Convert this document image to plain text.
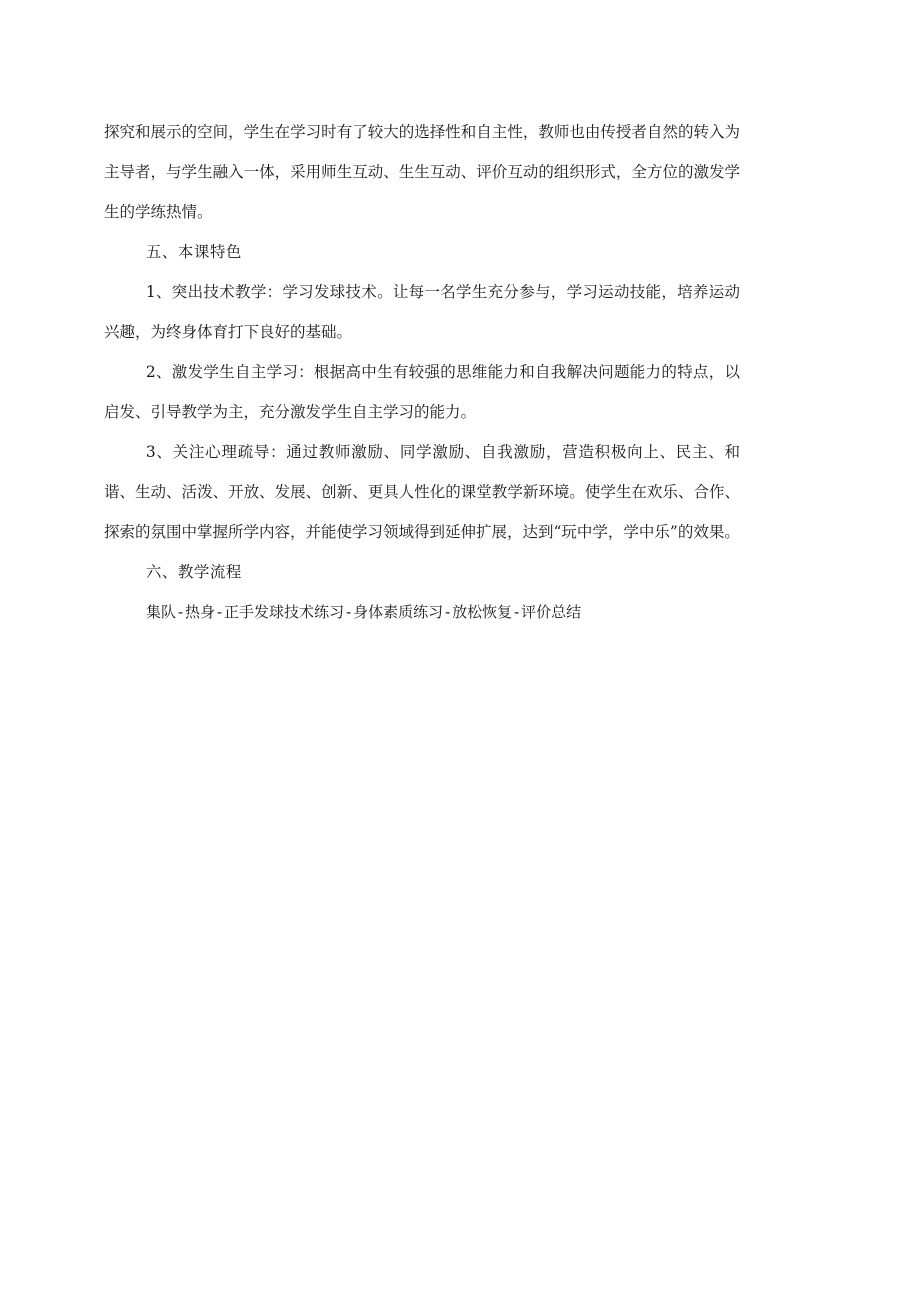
探究和展示的空间，学生在学习时有了较大的选择性和自主性，教师也由传授者自然的转入为主导者，与学生融入一体，采用师生互动、生生互动、评价互动的组织形式，全方位的激发学生的学练热情。

五、本课特色

1、突出技术教学：学习发球技术。让每一名学生充分参与，学习运动技能，培养运动兴趣，为终身体育打下良好的基础。

2、激发学生自主学习：根据高中生有较强的思维能力和自我解决问题能力的特点，以启发、引导教学为主，充分激发学生自主学习的能力。

3、关注心理疏导：通过教师激励、同学激励、自我激励，营造积极向上、民主、和谐、生动、活泼、开放、发展、创新、更具人性化的课堂教学新环境。使学生在欢乐、合作、探索的氛围中掌握所学内容，并能使学习领域得到延伸扩展，达到“玩中学，学中乐”的效果。

六、教学流程

集队-热身-正手发球技术练习-身体素质练习-放松恢复-评价总结
